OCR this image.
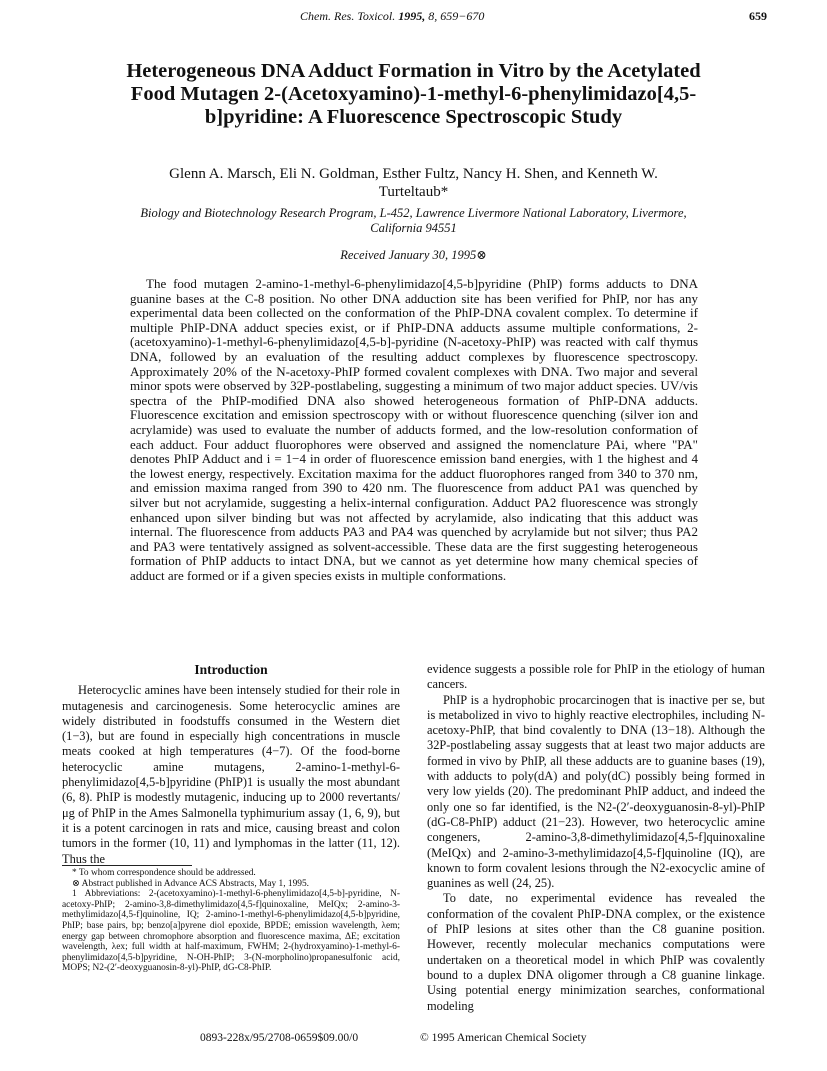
Chem. Res. Toxicol. 1995, 8, 659−670	659
Heterogeneous DNA Adduct Formation in Vitro by the Acetylated Food Mutagen 2-(Acetoxyamino)-1-methyl-6-phenylimidazo[4,5-b]pyridine: A Fluorescence Spectroscopic Study
Glenn A. Marsch, Eli N. Goldman, Esther Fultz, Nancy H. Shen, and Kenneth W. Turteltaub*
Biology and Biotechnology Research Program, L-452, Lawrence Livermore National Laboratory, Livermore, California 94551
Received January 30, 1995⊗

The food mutagen 2-amino-1-methyl-6-phenylimidazo[4,5-b]pyridine (PhIP) forms adducts to DNA guanine bases at the C-8 position. No other DNA adduction site has been verified for PhIP, nor has any experimental data been collected on the conformation of the PhIP-DNA covalent complex. To determine if multiple PhIP-DNA adduct species exist, or if PhIP-DNA adducts assume multiple conformations, 2-(acetoxyamino)-1-methyl-6-phenylimidazo[4,5-b]-pyridine (N-acetoxy-PhIP) was reacted with calf thymus DNA, followed by an evaluation of the resulting adduct complexes by fluorescence spectroscopy. Approximately 20% of the N-acetoxy-PhIP formed covalent complexes with DNA. Two major and several minor spots were observed by 32P-postlabeling, suggesting a minimum of two major adduct species. UV/vis spectra of the PhIP-modified DNA also showed heterogeneous formation of PhIP-DNA adducts. Fluorescence excitation and emission spectroscopy with or without fluorescence quenching (silver ion and acrylamide) was used to evaluate the number of adducts formed, and the low-resolution conformation of each adduct. Four adduct fluorophores were observed and assigned the nomenclature PAi, where "PA" denotes PhIP Adduct and i = 1−4 in order of fluorescence emission band energies, with 1 the highest and 4 the lowest energy, respectively. Excitation maxima for the adduct fluorophores ranged from 340 to 370 nm, and emission maxima ranged from 390 to 420 nm. The fluorescence from adduct PA1 was quenched by silver but not acrylamide, suggesting a helix-internal configuration. Adduct PA2 fluorescence was strongly enhanced upon silver binding but was not affected by acrylamide, also indicating that this adduct was internal. The fluorescence from adducts PA3 and PA4 was quenched by acrylamide but not silver; thus PA2 and PA3 were tentatively assigned as solvent-accessible. These data are the first suggesting heterogeneous formation of PhIP adducts to intact DNA, but we cannot as yet determine how many chemical species of adduct are formed or if a given species exists in multiple conformations.

Introduction

Heterocyclic amines have been intensely studied for their role in mutagenesis and carcinogenesis. Some heterocyclic amines are widely distributed in foodstuffs consumed in the Western diet (1−3), but are found in especially high concentrations in muscle meats cooked at high temperatures (4−7). Of the food-borne heterocyclic amine mutagens, 2-amino-1-methyl-6-phenylimidazo[4,5-b]pyridine (PhIP)1 is usually the most abundant (6, 8). PhIP is modestly mutagenic, inducing up to 2000 revertants/μg of PhIP in the Ames Salmonella typhimurium assay (1, 6, 9), but it is a potent carcinogen in rats and mice, causing breast and colon tumors in the former (10, 11) and lymphomas in the latter (11, 12). Thus the

* To whom correspondence should be addressed.

⊗ Abstract published in Advance ACS Abstracts, May 1, 1995.

1 Abbreviations: 2-(acetoxyamino)-1-methyl-6-phenylimidazo[4,5-b]-pyridine, N-acetoxy-PhIP; 2-amino-3,8-dimethylimidazo[4,5-f]quinoxaline, MeIQx; 2-amino-3-methylimidazo[4,5-f]quinoline, IQ; 2-amino-1-methyl-6-phenylimidazo[4,5-b]pyridine, PhIP; base pairs, bp; benzo[a]pyrene diol epoxide, BPDE; emission wavelength, λem; energy gap between chromophore absorption and fluorescence maxima, ΔE; excitation wavelength, λex; full width at half-maximum, FWHM; 2-(hydroxyamino)-1-methyl-6-phenylimidazo[4,5-b]pyridine, N-OH-PhIP; 3-(N-morpholino)propanesulfonic acid, MOPS; N2-(2′-deoxyguanosin-8-yl)-PhIP, dG-C8-PhIP.

evidence suggests a possible role for PhIP in the etiology of human cancers.

PhIP is a hydrophobic procarcinogen that is inactive per se, but is metabolized in vivo to highly reactive electrophiles, including N-acetoxy-PhIP, that bind covalently to DNA (13−18). Although the 32P-postlabeling assay suggests that at least two major adducts are formed in vivo by PhIP, all these adducts are to guanine bases (19), with adducts to poly(dA) and poly(dC) possibly being formed in very low yields (20). The predominant PhIP adduct, and indeed the only one so far identified, is the N2-(2′-deoxyguanosin-8-yl)-PhIP (dG-C8-PhIP) adduct (21−23). However, two heterocyclic amine congeners, 2-amino-3,8-dimethylimidazo[4,5-f]quinoxaline (MeIQx) and 2-amino-3-methylimidazo[4,5-f]quinoline (IQ), are known to form covalent lesions through the N2-exocyclic amine of guanines as well (24, 25).

To date, no experimental evidence has revealed the conformation of the covalent PhIP-DNA complex, or the existence of PhIP lesions at sites other than the C8 guanine position. However, recently molecular mechanics computations were undertaken on a theoretical model in which PhIP was covalently bound to a duplex DNA oligomer through a C8 guanine linkage. Using potential energy minimization searches, conformational modeling

0893-228x/95/2708-0659$09.00/0	© 1995 American Chemical Society
